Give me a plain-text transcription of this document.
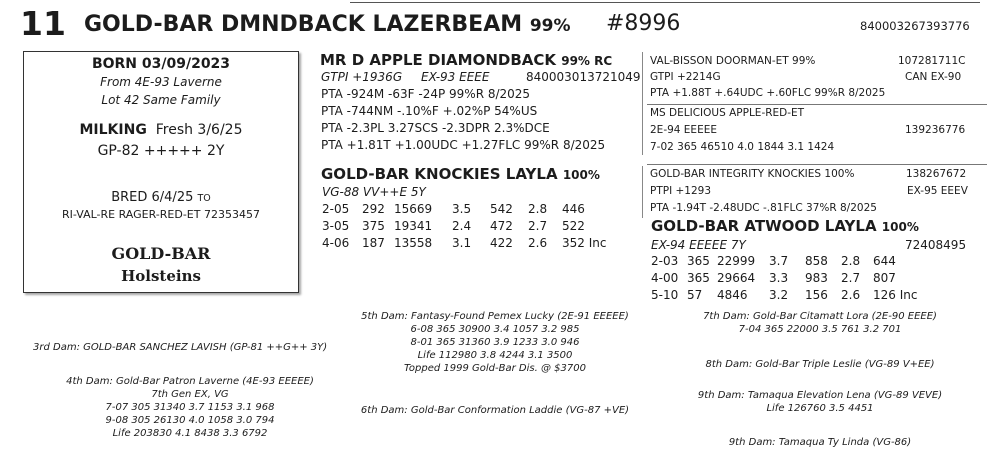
11 GOLD-BAR DMNDBACK LAZERBEAM 99% #8996	840003267393776
BORN 03/09/2023
From 4E-93 Laverne
Lot 42 Same Family
MILKING Fresh 3/6/25
GP-82 +++++ 2Y
BRED 6/4/25 TO
RI-VAL-RE RAGER-RED-ET 72353457
GOLD-BAR
Holsteins
MR D APPLE DIAMONDBACK 99% RC
GTPI +1936G EX-93 EEEE	840003013721049
PTA -924M -63F -24P 99%R 8/2025
PTA -744NM -.10%F +.02%P 54%US
PTA -2.3PL 3.27SCS -2.3DPR 2.3%DCE
PTA +1.81T +1.00UDC +1.27FLC 99%R 8/2025
GOLD-BAR KNOCKIES LAYLA 100%
VG-88 VV++E 5Y
2-05	292	15669	3.5	542	2.8	446
3-05	375	19341	2.4	472	2.7	522
4-06	187	13558	3.1	422	2.6	352 Inc
VAL-BISSON DOORMAN-ET 99%	107281711C
GTPI +2214G	CAN EX-90
PTA +1.88T +.64UDC +.60FLC 99%R 8/2025
MS DELICIOUS APPLE-RED-ET
2E-94 EEEEE	139236776
7-02 365 46510 4.0 1844 3.1 1424
GOLD-BAR INTEGRITY KNOCKIES 100%	138267672
PTPI +1293	EX-95 EEEV
PTA -1.94T -2.48UDC -.81FLC 37%R 8/2025
GOLD-BAR ATWOOD LAYLA 100%
EX-94 EEEEE 7Y	72408495
2-03	365	22999	3.7	858	2.8	644
4-00	365	29664	3.3	983	2.7	807
5-10	57	4846	3.2	156	2.6	126 Inc
3rd Dam: GOLD-BAR SANCHEZ LAVISH (GP-81 ++G++ 3Y)
4th Dam: Gold-Bar Patron Laverne (4E-93 EEEEE)
7th Gen EX, VG
7-07 305 31340 3.7 1153 3.1 968
9-08 305 26130 4.0 1058 3.0 794
Life 203830 4.1 8438 3.3 6792
5th Dam: Fantasy-Found Pemex Lucky (2E-91 EEEEE)
6-08 365 30900 3.4 1057 3.2 985
8-01 365 31360 3.9 1233 3.0 946
Life 112980 3.8 4244 3.1 3500
Topped 1999 Gold-Bar Dis. @ $3700
6th Dam: Gold-Bar Conformation Laddie (VG-87 +VE)
7th Dam: Gold-Bar Citamatt Lora (2E-90 EEEE)
7-04 365 22000 3.5 761 3.2 701
8th Dam: Gold-Bar Triple Leslie (VG-89 V+EE)
9th Dam: Tamaqua Elevation Lena (VG-89 VEVE)
Life 126760 3.5 4451
9th Dam: Tamaqua Ty Linda (VG-86)
